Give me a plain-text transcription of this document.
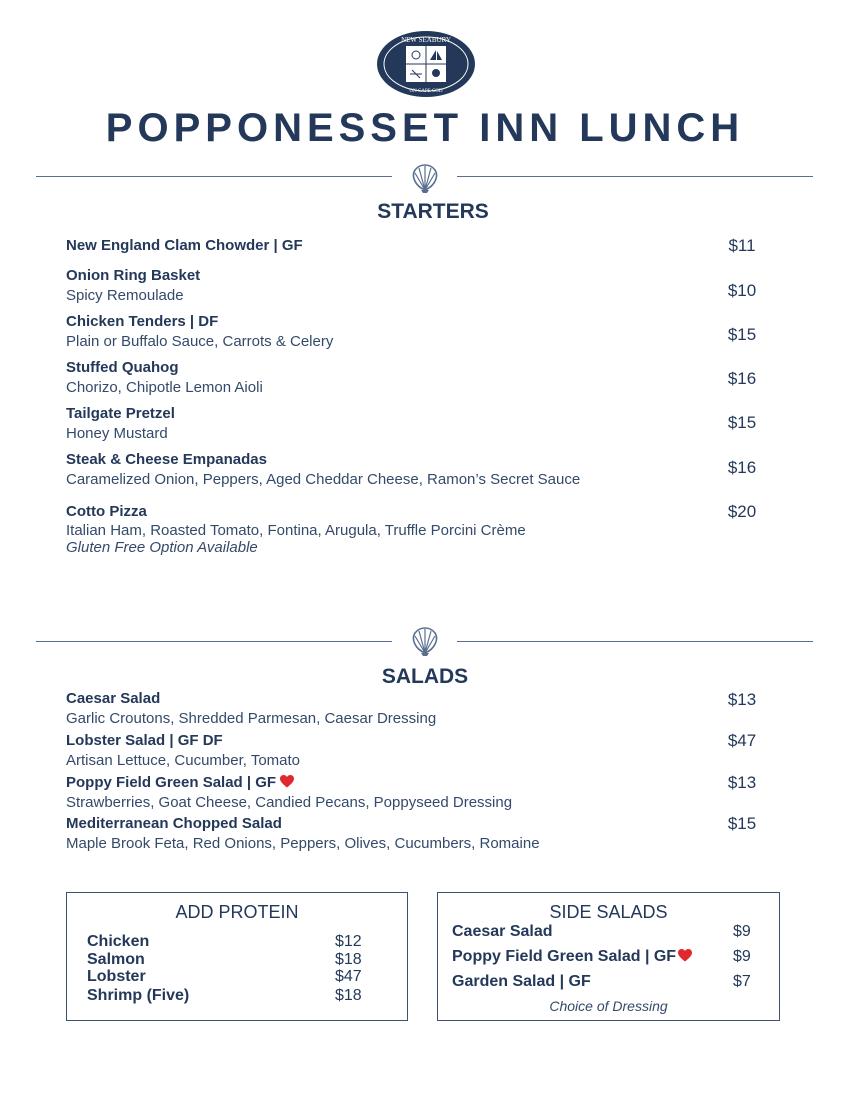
NEW SEABURY
ON CAPE COD
POPPONESSET INN LUNCH
STARTERS
New England Clam Chowder | GF	$11
Onion Ring Basket
Spicy Remoulade	$10
Chicken Tenders | DF
Plain or Buffalo Sauce, Carrots & Celery	$15
Stuffed Quahog
Chorizo, Chipotle Lemon Aioli	$16
Tailgate Pretzel
Honey Mustard
$15
Steak & Cheese Empanadas
Caramelized Onion, Peppers, Aged Cheddar Cheese, Ramon’s Secret Sauce
$16
Cotto Pizza
Italian Ham, Roasted Tomato, Fontina, Arugula, Truffle Porcini Crème
Gluten Free Option Available
$20
SALADS
Caesar Salad
Garlic Croutons, Shredded Parmesan, Caesar Dressing
$13
Lobster Salad | GF DF
Artisan Lettuce, Cucumber, Tomato
$47
Poppy Field Green Salad | GF
Strawberries, Goat Cheese, Candied Pecans, Poppyseed Dressing
$13
Mediterranean Chopped Salad
Maple Brook Feta, Red Onions, Peppers, Olives, Cucumbers, Romaine
$15
ADD PROTEIN
Chicken	$12
Salmon	$18
Lobster	$47
Shrimp (Five)	$18
SIDE SALADS
Caesar Salad	$9
Poppy Field Green Salad | GF	$9
Garden Salad | GF	$7
Choice of Dressing
